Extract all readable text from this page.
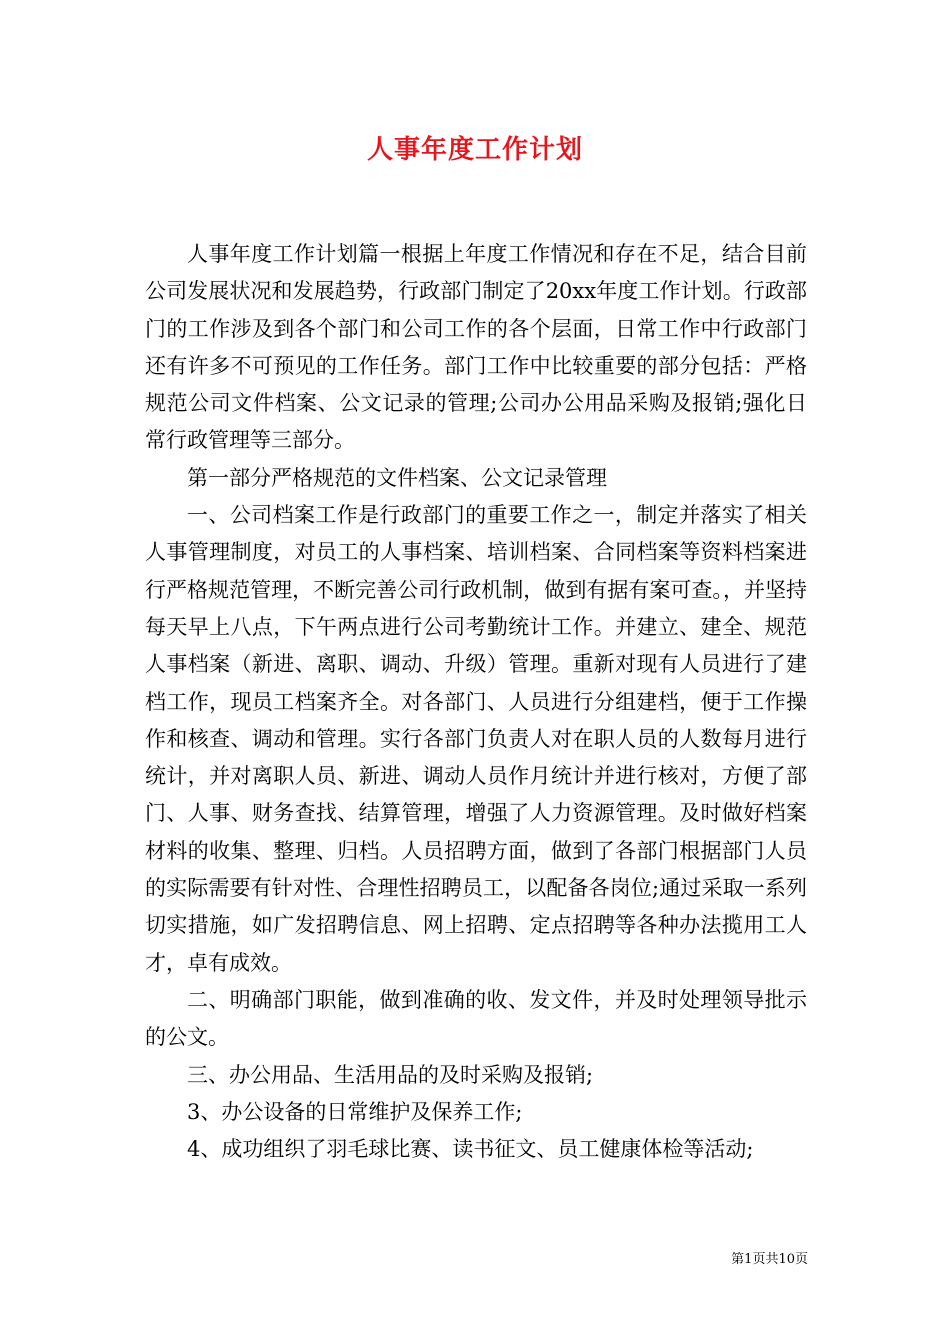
人事年度工作计划

人事年度工作计划篇一根据上年度工作情况和存在不足，结合目前公司发展状况和发展趋势，行政部门制定了20xx年度工作计划。行政部门的工作涉及到各个部门和公司工作的各个层面，日常工作中行政部门还有许多不可预见的工作任务。部门工作中比较重要的部分包括：严格规范公司文件档案、公文记录的管理;公司办公用品采购及报销;强化日常行政管理等三部分。

第一部分严格规范的文件档案、公文记录管理

一、公司档案工作是行政部门的重要工作之一，制定并落实了相关人事管理制度，对员工的人事档案、培训档案、合同档案等资料档案进行严格规范管理，不断完善公司行政机制，做到有据有案可查。，并坚持每天早上八点，下午两点进行公司考勤统计工作。并建立、建全、规范人事档案（新进、离职、调动、升级）管理。重新对现有人员进行了建档工作，现员工档案齐全。对各部门、人员进行分组建档，便于工作操作和核查、调动和管理。实行各部门负责人对在职人员的人数每月进行统计，并对离职人员、新进、调动人员作月统计并进行核对，方便了部门、人事、财务查找、结算管理，增强了人力资源管理。及时做好档案材料的收集、整理、归档。人员招聘方面，做到了各部门根据部门人员的实际需要有针对性、合理性招聘员工，以配备各岗位;通过采取一系列切实措施，如广发招聘信息、网上招聘、定点招聘等各种办法揽用工人才，卓有成效。

二、明确部门职能，做到准确的收、发文件，并及时处理领导批示的公文。

三、办公用品、生活用品的及时采购及报销;

3、办公设备的日常维护及保养工作;

4、成功组织了羽毛球比赛、读书征文、员工健康体检等活动;

第1页共10页
